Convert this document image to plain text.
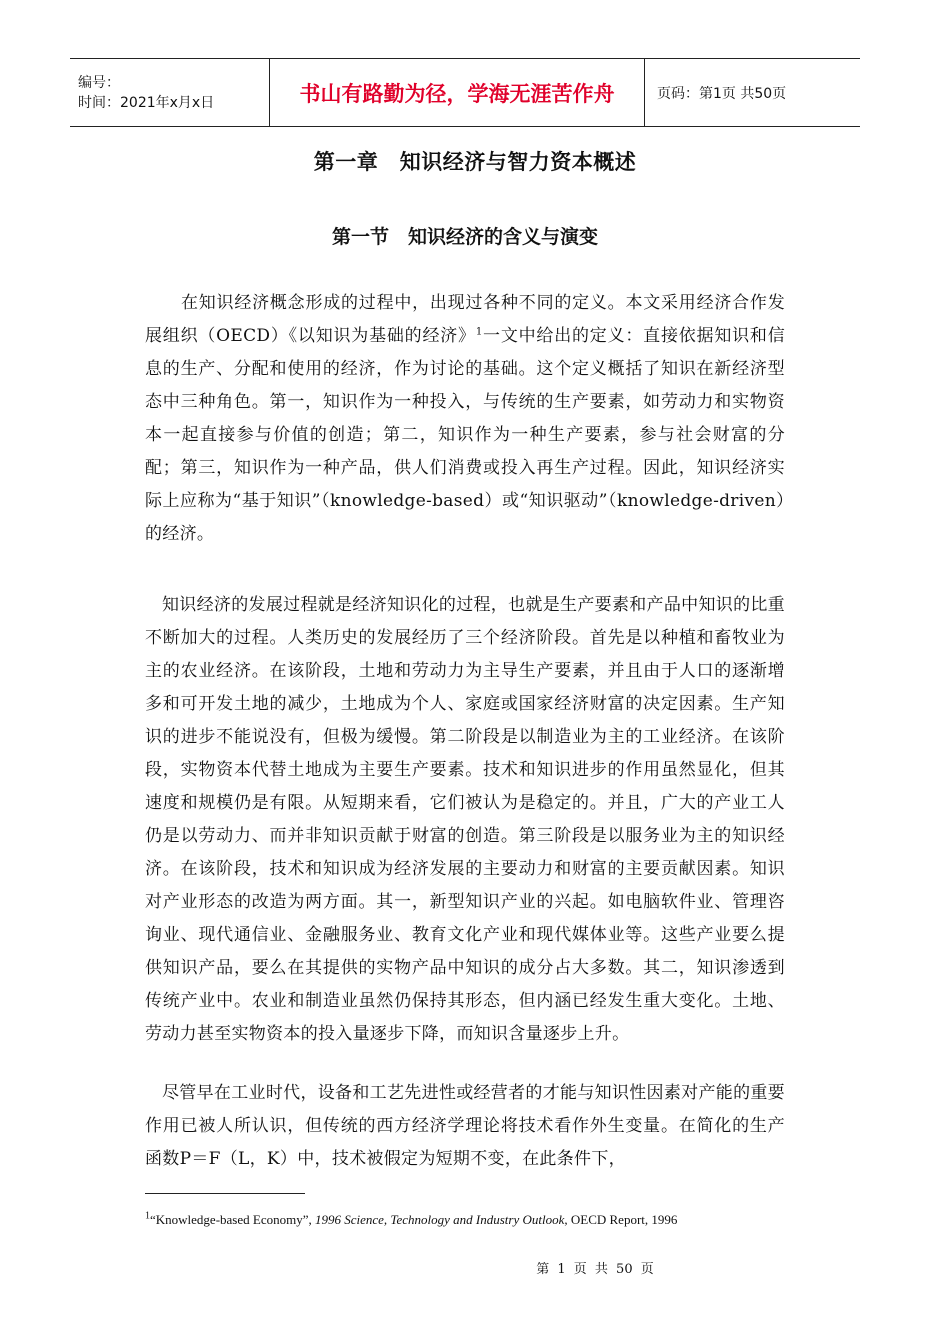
编号：
时间：2021年x月x日	书山有路勤为径，学海无涯苦作舟	页码：第1页 共50页
第一章　知识经济与智力资本概述
第一节　知识经济的含义与演变

在知识经济概念形成的过程中，出现过各种不同的定义。本文采用经济合作发展组织（OECD）《以知识为基础的经济》$^1$一文中给出的定义：直接依据知识和信息的生产、分配和使用的经济，作为讨论的基础。这个定义概括了知识在新经济型态中三种角色。第一，知识作为一种投入，与传统的生产要素，如劳动力和实物资本一起直接参与价值的创造；第二，知识作为一种生产要素，参与社会财富的分配；第三，知识作为一种产品，供人们消费或投入再生产过程。因此，知识经济实际上应称为“基于知识”（knowledge-based）或“知识驱动”（knowledge-driven）的经济。

知识经济的发展过程就是经济知识化的过程，也就是生产要素和产品中知识的比重不断加大的过程。人类历史的发展经历了三个经济阶段。首先是以种植和畜牧业为主的农业经济。在该阶段，土地和劳动力为主导生产要素，并且由于人口的逐渐增多和可开发土地的减少，土地成为个人、家庭或国家经济财富的决定因素。生产知识的进步不能说没有，但极为缓慢。第二阶段是以制造业为主的工业经济。在该阶段，实物资本代替土地成为主要生产要素。技术和知识进步的作用虽然显化，但其速度和规模仍是有限。从短期来看，它们被认为是稳定的。并且，广大的产业工人仍是以劳动力、而并非知识贡献于财富的创造。第三阶段是以服务业为主的知识经济。在该阶段，技术和知识成为经济发展的主要动力和财富的主要贡献因素。知识对产业形态的改造为两方面。其一，新型知识产业的兴起。如电脑软件业、管理咨询业、现代通信业、金融服务业、教育文化产业和现代媒体业等。这些产业要么提供知识产品，要么在其提供的实物产品中知识的成分占大多数。其二，知识渗透到传统产业中。农业和制造业虽然仍保持其形态，但内涵已经发生重大变化。土地、劳动力甚至实物资本的投入量逐步下降，而知识含量逐步上升。

尽管早在工业时代，设备和工艺先进性或经营者的才能与知识性因素对产能的重要作用已被人所认识，但传统的西方经济学理论将技术看作外生变量。在简化的生产函数P＝F（L，K）中，技术被假定为短期不变，在此条件下，

$^1$“Knowledge-based Economy”, 1996 Science, Technology and Industry Outlook, OECD Report, 1996
第 1 页 共 50 页
